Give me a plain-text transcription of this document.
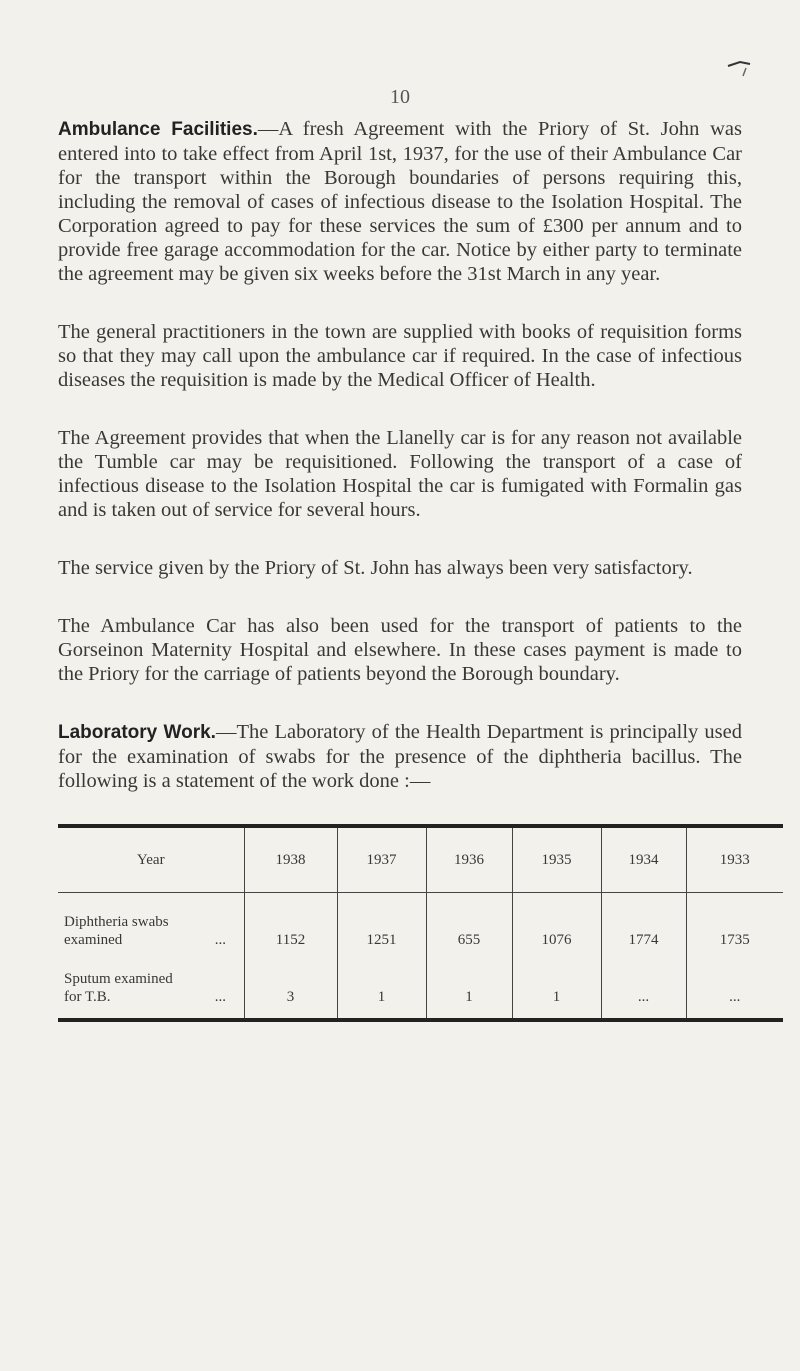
10

Ambulance Facilities.—A fresh Agreement with the Priory of St. John was entered into to take effect from April 1st, 1937, for the use of their Ambulance Car for the transport within the Borough boundaries of persons requiring this, including the removal of cases of infectious disease to the Isolation Hospital. The Corporation agreed to pay for these services the sum of £300 per annum and to provide free garage accommodation for the car. Notice by either party to terminate the agreement may be given six weeks before the 31st March in any year.

The general practitioners in the town are supplied with books of requisition forms so that they may call upon the ambulance car if required. In the case of infectious diseases the requisition is made by the Medical Officer of Health.

The Agreement provides that when the Llanelly car is for any reason not available the Tumble car may be requisitioned. Following the transport of a case of infectious disease to the Isolation Hospital the car is fumigated with Formalin gas and is taken out of service for several hours.

The service given by the Priory of St. John has always been very satisfactory.

The Ambulance Car has also been used for the transport of patients to the Gorseinon Maternity Hospital and elsewhere. In these cases payment is made to the Priory for the carriage of patients beyond the Borough boundary.

Laboratory Work.—The Laboratory of the Health Department is principally used for the examination of swabs for the presence of the diphtheria bacillus. The following is a statement of the work done :—

Year	1938	1937	1936	1935	1934	1933

Diphtheria swabs
examined ...	1152	1251	655	1076	1774	1735

Sputum examined
for T.B. ...	3	1	1	1	...	...
